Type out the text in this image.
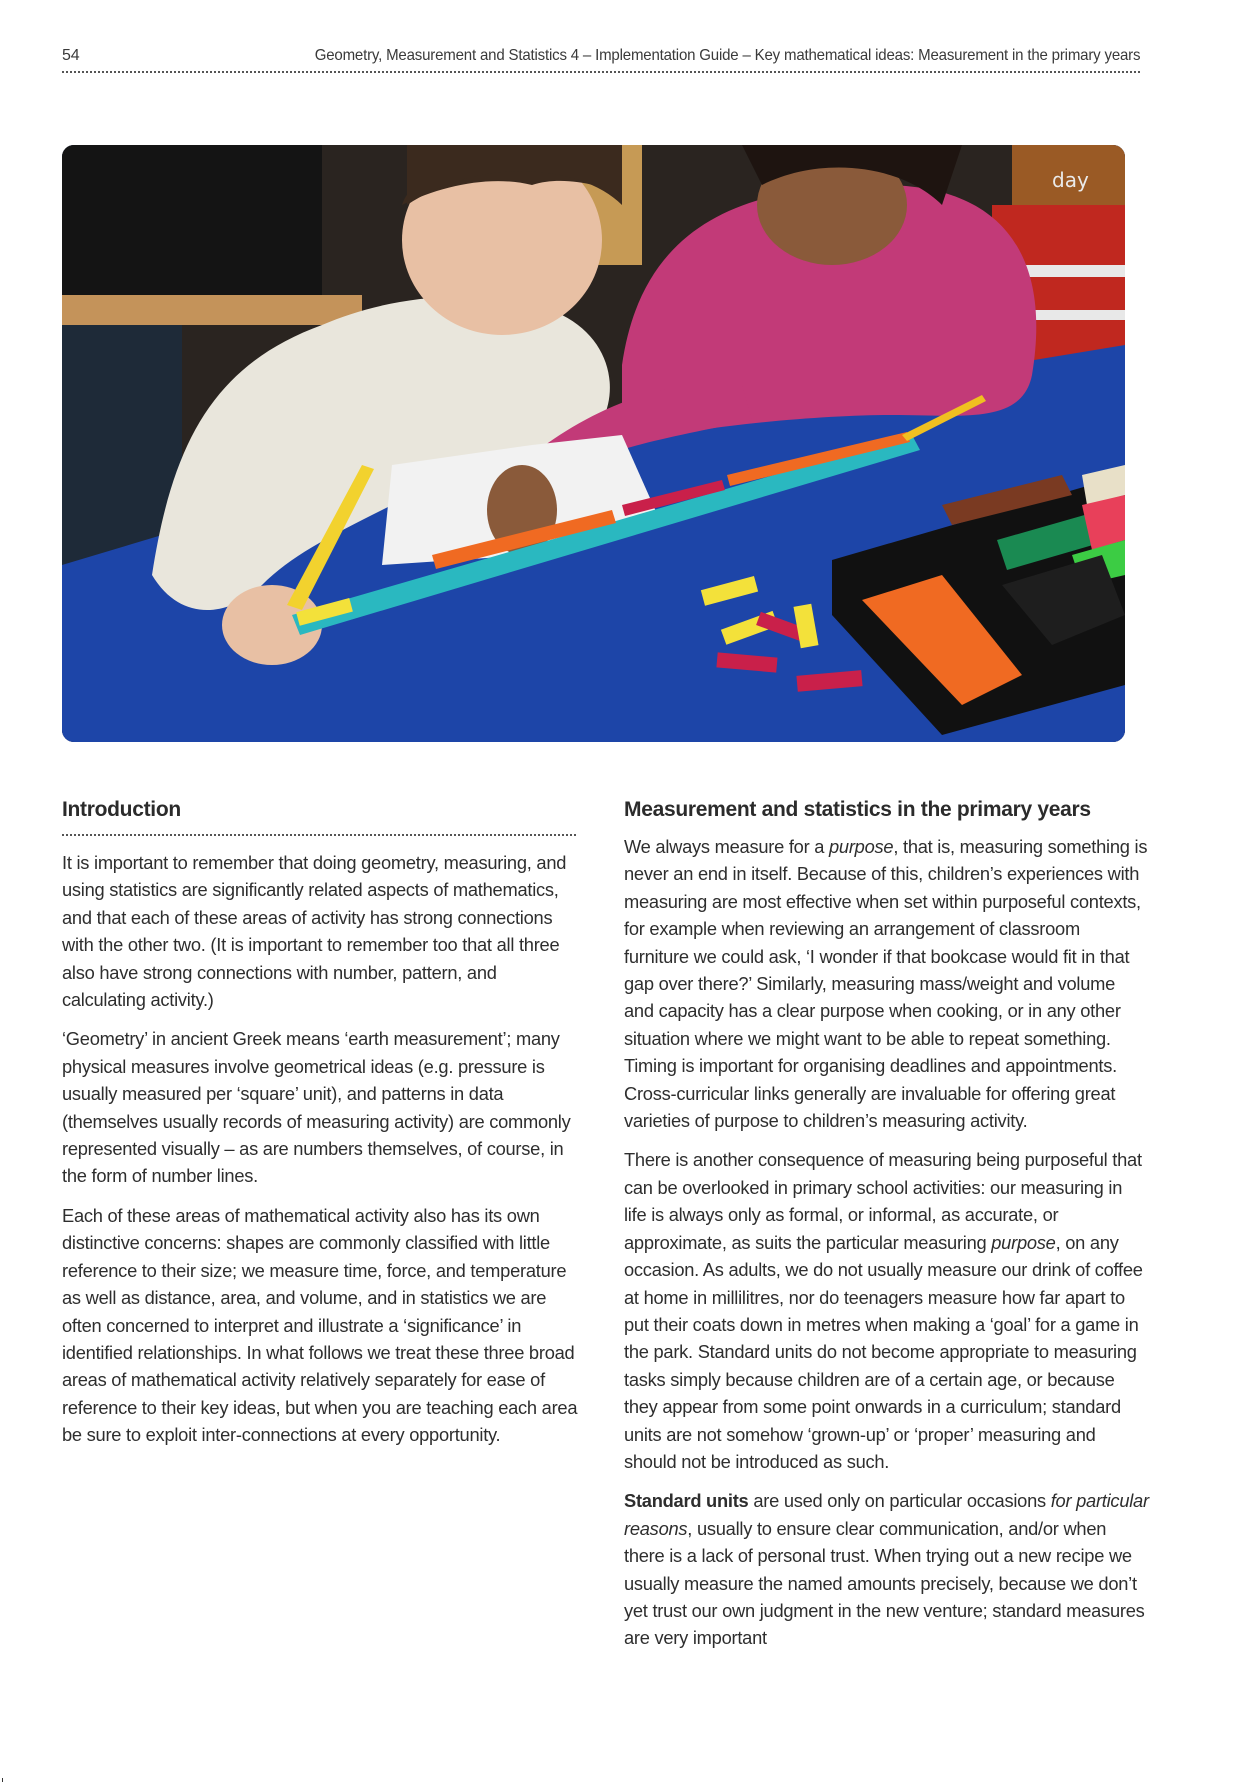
54	Geometry, Measurement and Statistics 4 – Implementation Guide – Key mathematical ideas: Measurement in the primary years
day
Introduction

It is important to remember that doing geometry, measuring, and using statistics are significantly related aspects of mathematics, and that each of these areas of activity has strong connections with the other two. (It is important to remember too that all three also have strong connections with number, pattern, and calculating activity.)

‘Geometry’ in ancient Greek means ‘earth measurement’; many physical measures involve geometrical ideas (e.g. pressure is usually measured per ‘square’ unit), and patterns in data (themselves usually records of measuring activity) are commonly represented visually – as are numbers themselves, of course, in the form of number lines.

Each of these areas of mathematical activity also has its own distinctive concerns: shapes are commonly classified with little reference to their size; we measure time, force, and temperature as well as distance, area, and volume, and in statistics we are often concerned to interpret and illustrate a ‘significance’ in identified relationships. In what follows we treat these three broad areas of mathematical activity relatively separately for ease of reference to their key ideas, but when you are teaching each area be sure to exploit inter-connections at every opportunity.

Measurement and statistics in the primary years

We always measure for a purpose, that is, measuring something is never an end in itself. Because of this, children’s experiences with measuring are most effective when set within purposeful contexts, for example when reviewing an arrangement of classroom furniture we could ask, ‘I wonder if that bookcase would fit in that gap over there?’ Similarly, measuring mass/weight and volume and capacity has a clear purpose when cooking, or in any other situation where we might want to be able to repeat something. Timing is important for organising deadlines and appointments. Cross-curricular links generally are invaluable for offering great varieties of purpose to children’s measuring activity.

There is another consequence of measuring being purposeful that can be overlooked in primary school activities: our measuring in life is always only as formal, or informal, as accurate, or approximate, as suits the particular measuring purpose, on any occasion. As adults, we do not usually measure our drink of coffee at home in millilitres, nor do teenagers measure how far apart to put their coats down in metres when making a ‘goal’ for a game in the park. Standard units do not become appropriate to measuring tasks simply because children are of a certain age, or because they appear from some point onwards in a curriculum; standard units are not somehow ‘grown-up’ or ‘proper’ measuring and should not be introduced as such.

Standard units are used only on particular occasions for particular reasons, usually to ensure clear communication, and/or when there is a lack of personal trust. When trying out a new recipe we usually measure the named amounts precisely, because we don’t yet trust our own judgment in the new venture; standard measures are very important
